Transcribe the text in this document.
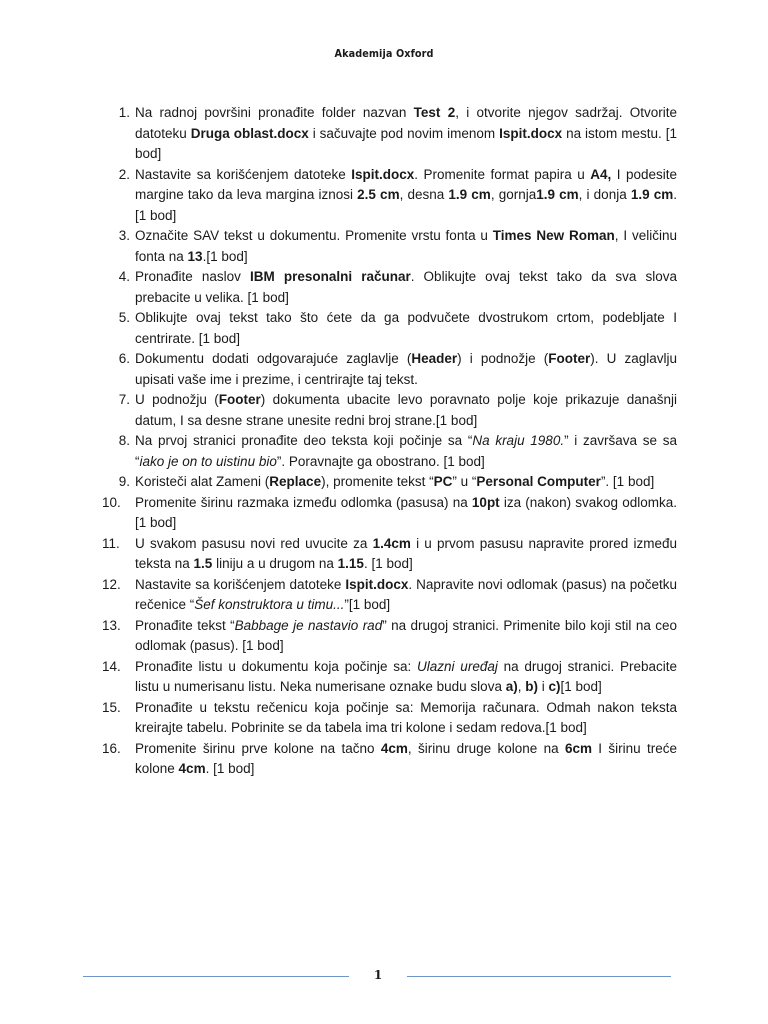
Akademija Oxford
1. Na radnoj površini pronađite folder nazvan Test 2, i otvorite njegov sadržaj. Otvorite datoteku Druga oblast.docx i sačuvajte pod novim imenom Ispit.docx na istom mestu. [1 bod]
2. Nastavite sa korišćenjem datoteke Ispit.docx. Promenite format papira u A4, I podesite margine tako da leva margina iznosi 2.5 cm, desna 1.9 cm, gornja1.9 cm, i donja 1.9 cm.[1 bod]
3. Označite SAV tekst u dokumentu. Promenite vrstu fonta u Times New Roman, I veličinu fonta na 13.[1 bod]
4. Pronađite naslov IBM presonalni računar. Oblikujte ovaj tekst tako da sva slova prebacite u velika. [1 bod]
5. Oblikujte ovaj tekst tako što ćete da ga podvučete dvostrukom crtom, podebljate I centrirate. [1 bod]
6. Dokumentu dodati odgovarajuće zaglavlje (Header) i podnožje (Footer). U zaglavlju upisati vaše ime i prezime, i centrirajte taj tekst.
7. U podnožju (Footer) dokumenta ubacite levo poravnato polje koje prikazuje današnji datum, I sa desne strane unesite redni broj strane.[1 bod]
8. Na prvoj stranici pronađite deo teksta koji počinje sa “Na kraju 1980.” i završava se sa “iako je on to uistinu bio”. Poravnajte ga obostrano. [1 bod]
9. Koristeči alat Zameni (Replace), promenite tekst “PC” u “Personal Computer”. [1 bod]
10.	Promenite širinu razmaka između odlomka (pasusa) na 10pt iza (nakon) svakog odlomka. [1 bod]
11.	U svakom pasusu novi red uvucite za 1.4cm i u prvom pasusu napravite prored između teksta na 1.5 liniju a u drugom na 1.15. [1 bod]
12.	Nastavite sa korišćenjem datoteke Ispit.docx. Napravite novi odlomak (pasus) na početku rečenice “Šef konstruktora u timu...”[1 bod]
13.	Pronađite tekst “Babbage je nastavio rad” na drugoj stranici. Primenite bilo koji stil na ceo odlomak (pasus). [1 bod]
14.	Pronađite listu u dokumentu koja počinje sa: Ulazni uređaj na drugoj stranici. Prebacite listu u numerisanu listu. Neka numerisane oznake budu slova a), b) i c)[1 bod]
15.	Pronađite u tekstu rečenicu koja počinje sa: Memorija računara. Odmah nakon teksta kreirajte tabelu. Pobrinite se da tabela ima tri kolone i sedam redova.[1 bod]
16.	Promenite širinu prve kolone na tačno 4cm, širinu druge kolone na 6cm I širinu treće kolone 4cm. [1 bod]
1
